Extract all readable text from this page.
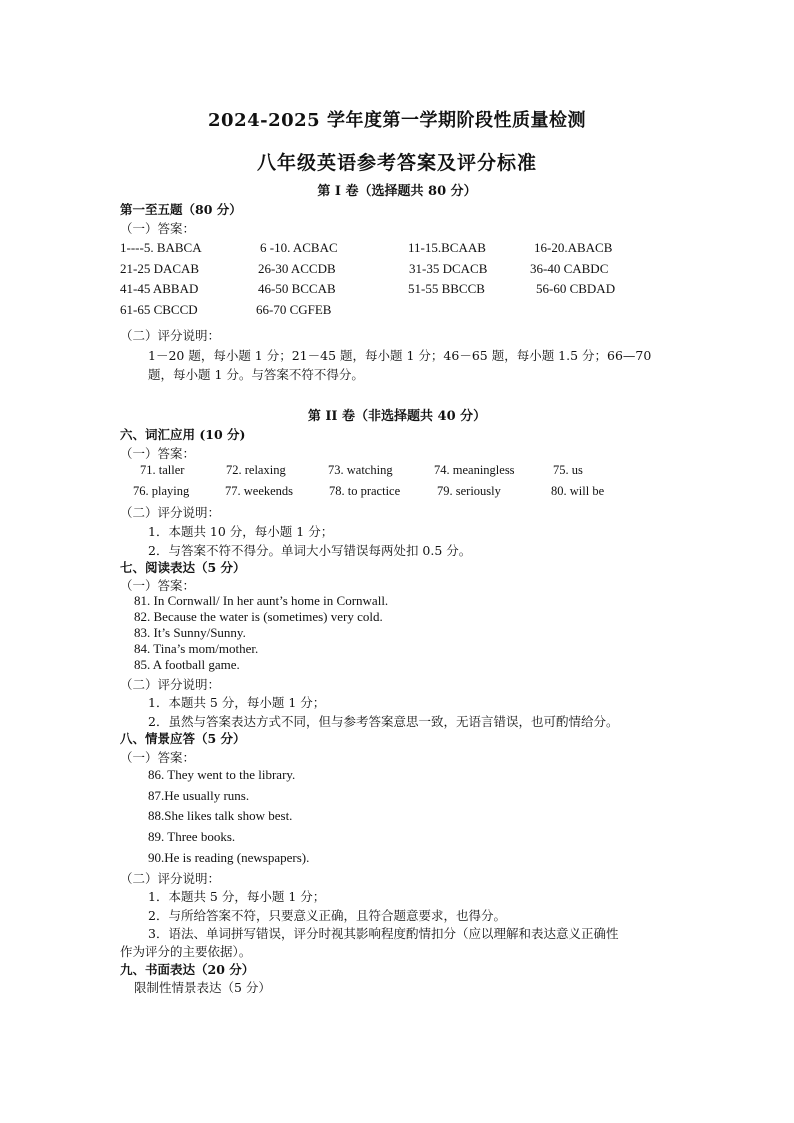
2024-2025 学年度第一学期阶段性质量检测
八年级英语参考答案及评分标准
第 I 卷（选择题共 80 分）
第一至五题（80 分）
（一）答案：
1----5. BABCA	6 -10. ACBAC	11-15.BCAAB	16-20.ABACB
21-25 DACAB	26-30 ACCDB	31-35 DCACB	36-40 CABDC
41-45 ABBAD	46-50 BCCAB	51-55 BBCCB	56-60 CBDAD
61-65 CBCCD	66-70 CGFEB
（二）评分说明：
1－20 题，每小题 1 分；21－45 题，每小题 1 分；46－65 题，每小题 1.5 分；66—70
题，每小题 1 分。与答案不符不得分。
第 II 卷（非选择题共 40 分）
六、词汇应用 (10 分)
（一）答案：
71. taller	72. relaxing	73. watching	74. meaningless	75. us
76. playing	77. weekends	78. to practice	79. seriously	80. will be
（二）评分说明：
1．本题共 10 分，每小题 1 分；
2．与答案不符不得分。单词大小写错误每两处扣 0.5 分。
七、阅读表达（5 分）
（一）答案：
81. In Cornwall/ In her aunt’s home in Cornwall.
82. Because the water is (sometimes) very cold.
83. It’s Sunny/Sunny.
84. Tina’s mom/mother.
85. A football game.
（二）评分说明：
1．本题共 5 分，每小题 1 分；
2．虽然与答案表达方式不同，但与参考答案意思一致，无语言错误，也可酌情给分。
八、情景应答（5 分）
（一）答案：
86. They went to the library.
87.He usually runs.
88.She likes talk show best.
89. Three books.
90.He is reading (newspapers).
（二）评分说明：
1．本题共 5 分，每小题 1 分；
2．与所给答案不符，只要意义正确，且符合题意要求，也得分。
3．语法、单词拼写错误，评分时视其影响程度酌情扣分（应以理解和表达意义正确性
作为评分的主要依据）。
九、书面表达（20 分）
限制性情景表达（5 分）
